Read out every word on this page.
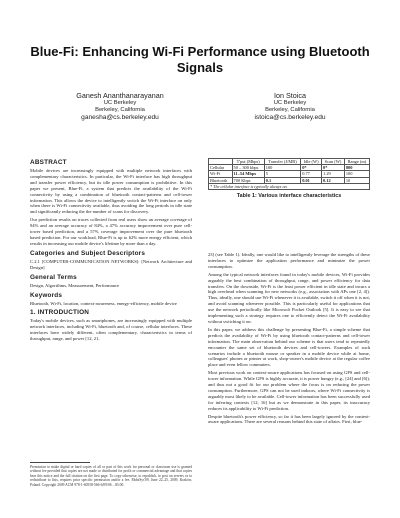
Blue-Fi: Enhancing Wi-Fi Performance using Bluetooth Signals
Ganesh Ananthanarayanan
UC Berkeley
Berkeley, California
ganesha@cs.berkeley.edu
Ion Stoica
UC Berkeley
Berkeley, California
istoica@cs.berkeley.edu
ABSTRACT

Mobile devices are increasingly equipped with multiple network interfaces with complementary characteristics. In particular, the Wi-Fi interface has high throughput and transfer power efficiency, but its idle power consumption is prohibitive. In this paper we present, Blue-Fi, a system that predicts the availability of the Wi-Fi connectivity by using a combination of bluetooth contact-patterns and cell-tower information. This allows the device to intelligently switch the Wi-Fi interface on only when there is Wi-Fi connectivity available, thus avoiding the long periods in idle state and significantly reducing the the number of scans for discovery.

Our prediction results on traces collected from real users show an average coverage of 94% and an average accuracy of 84%, a 47% accuracy improvement over pure cell-tower based prediction, and a 57% coverage improvement over the pure bluetooth based prediction. For our workload, Blue-Fi is up to 62% more energy efficient, which results in increasing our mobile device's lifetime by more than a day.

Categories and Subject Descriptors

C.2.1 [COMPUTER-COMMUNICATION NETWORKS]: [Network Architecture and Design]

General Terms

Design, Algorithms, Measurement, Performance

Keywords

Bluetooth, Wi-Fi, location, context-awareness, energy-efficiency, mobile device

1. INTRODUCTION

Today's mobile devices, such as smartphones, are increasingly equipped with multiple network interfaces, including Wi-Fi, bluetooth and, of course, cellular interfaces. These interfaces have widely different, often complementary, characteristics in terms of throughput, range, and power [12, 21,

Permission to make digital or hard copies of all or part of this work for personal or classroom use is granted without fee provided that copies are not made or distributed for profit or commercial advantage and that copies bear this notice and the full citation on the first page. To copy otherwise, to republish, to post on servers or to redistribute to lists, requires prior specific permission and/or a fee. MobiSys'09, June 22–25, 2009, Kraków, Poland. Copyright 2009 ACM 978-1-60558-566-6/09/06 ...$5.00.
	T'put (Mbps)	Transfer (J/MB)	Idle (W)	Scan (W)	Range (m)
Cellular	50 – 300 kbps	100	0*	0*	800
Wi-Fi	11–54 Mbps	5	0.77	1.29	100
Bluetooth	700 Kbps	0.1	0.01	0.12	10
* The cellular interface is typically always on.					
Table 1: Various interface characteristics

23] (see Table 1). Ideally, one would like to intelligently leverage the strengths of these interfaces to optimize the application performance and minimize the power consumption.

Among the typical network interfaces found in today's mobile devices, Wi-Fi provides arguably the best combination of throughput, range, and power efficiency for data transfers. On the downside, Wi-Fi is the least power efficient in idle state and incurs a high overhead when scanning for new networks (e.g., association with APs one [2, 4]). Thus, ideally, one should use Wi-Fi whenever it is available, switch it off when it is not, and avoid scanning whenever possible. This is particularly useful for applications that use the network periodically like Microsoft Pocket Outlook [5]. It is easy to see that implementing such a strategy requires one to efficiently detect the Wi-Fi availability without switching it on.

In this paper, we address this challenge by presenting Blue-Fi, a simple scheme that predicts the availability of Wi-Fi by using bluetooth contact-patterns and cell-tower information. The main observation behind our scheme is that users tend to repeatedly encounter the same set of bluetooth devices and cell-towers. Examples of such scenarios include a bluetooth mouse or speaker in a mobile device while at home, colleagues' phones or printer at work, shop-owner's mobile device at the regular coffee place and even fellow commuters.

Most previous work on context-aware applications has focused on using GPS and cell-tower information. While GPS is highly accurate, it is power hungry (e.g., [24] and [6]), and thus not a good fit for our problem where the focus is on reducing the power consumption. Furthermore, GPS can not be used indoors, where Wi-Fi connectivity is arguably most likely to be available. Cell-tower information has been successfully used for inferring contexts [12, 16] but as we demonstrate in this paper, its inaccuracy reduces its applicability to Wi-Fi prediction.

Despite bluetooth's power efficiency, so far it has been largely ignored by the context-aware applications. There are several reasons behind this state of affairs. First, blue-
